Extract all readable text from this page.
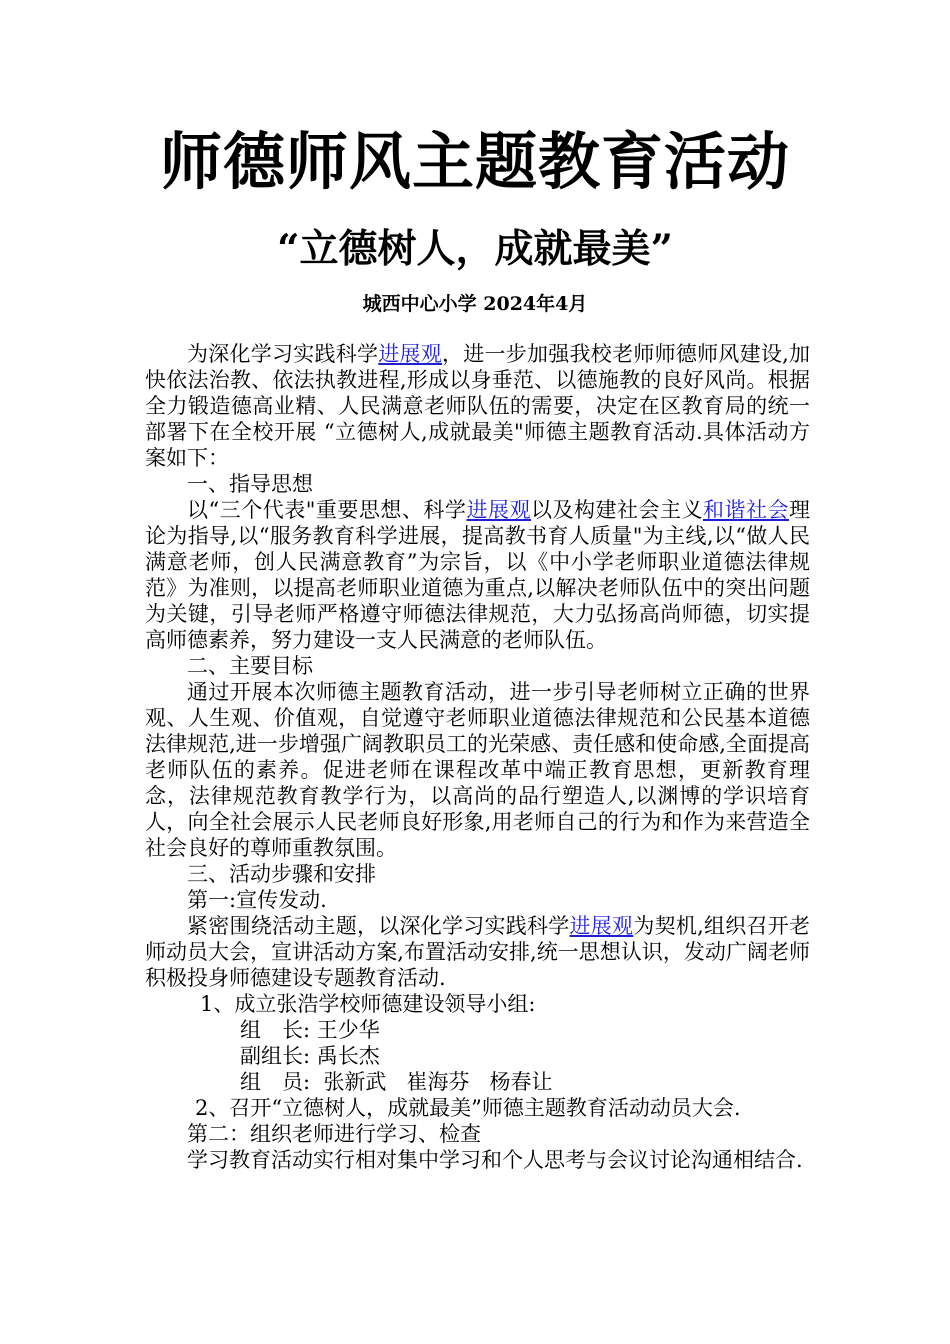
师德师风主题教育活动
“立德树人，成就最美”
城西中心小学 2024年4月

为深化学习实践科学进展观，进一步加强我校老师师德师风建设,加快依法治教、依法执教进程,形成以身垂范、以德施教的良好风尚。根据全力锻造德高业精、人民满意老师队伍的需要，决定在区教育局的统一部署下在全校开展 “立德树人,成就最美"师德主题教育活动.具体活动方案如下：

一、指导思想

以“三个代表"重要思想、科学进展观以及构建社会主义和谐社会理论为指导,以“服务教育科学进展，提高教书育人质量"为主线,以“做人民满意老师，创人民满意教育”为宗旨，以《中小学老师职业道德法律规范》为准则，以提高老师职业道德为重点,以解决老师队伍中的突出问题为关键，引导老师严格遵守师德法律规范，大力弘扬高尚师德，切实提高师德素养，努力建设一支人民满意的老师队伍。

二、主要目标

通过开展本次师德主题教育活动，进一步引导老师树立正确的世界观、人生观、价值观，自觉遵守老师职业道德法律规范和公民基本道德法律规范,进一步增强广阔教职员工的光荣感、责任感和使命感,全面提高老师队伍的素养。促进老师在课程改革中端正教育思想，更新教育理念，法律规范教育教学行为，以高尚的品行塑造人,以渊博的学识培育人，向全社会展示人民老师良好形象,用老师自己的行为和作为来营造全社会良好的尊师重教氛围。

三、活动步骤和安排

第一:宣传发动.

紧密围绕活动主题，以深化学习实践科学进展观为契机,组织召开老师动员大会，宣讲活动方案,布置活动安排,统一思想认识，发动广阔老师积极投身师德建设专题教育活动.

1、成立张浩学校师德建设领导小组:

组　长: 王少华

副组长: 禹长杰

组　员: 张新武 崔海芬 杨春让

2、召开“立德树人，成就最美”师德主题教育活动动员大会.

第二：组织老师进行学习、检查

学习教育活动实行相对集中学习和个人思考与会议讨论沟通相结合.
